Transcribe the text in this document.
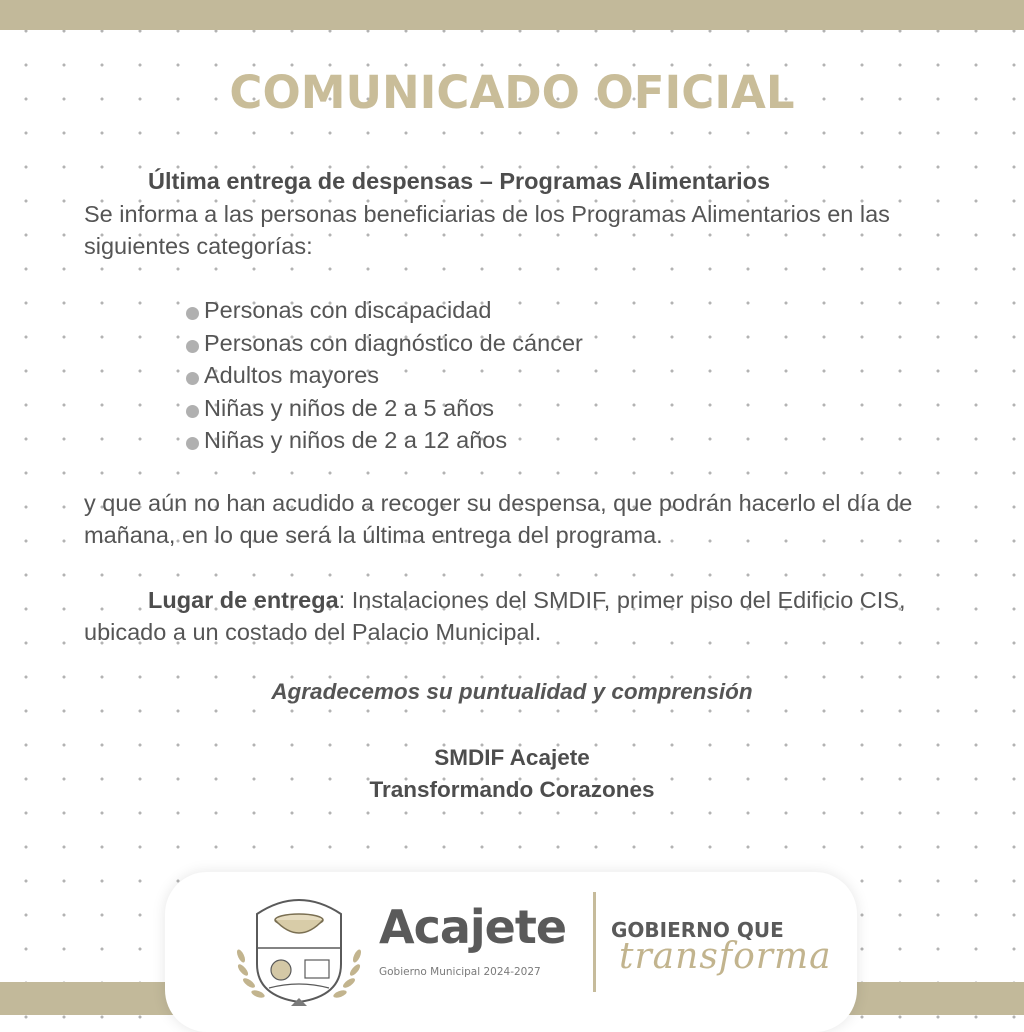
COMUNICADO OFICIAL
Última entrega de despensas – Programas Alimentarios

Se informa a las personas beneficiarias de los Programas Alimentarios en las siguientes categorías:

Personas con discapacidad
Personas con diagnóstico de cáncer
Adultos mayores
Niñas y niños de 2 a 5 años
Niñas y niños de 2 a 12 años

y que aún no han acudido a recoger su despensa, que podrán hacerlo el día de mañana, en lo que será la última entrega del programa.

Lugar de entrega: Instalaciones del SMDIF, primer piso del Edificio CIS, ubicado a un costado del Palacio Municipal.

Agradecemos su puntualidad y comprensión
SMDIF Acajete
Transformando Corazones
Acajete
Gobierno Municipal 2024-2027
GOBIERNO QUE
transforma
